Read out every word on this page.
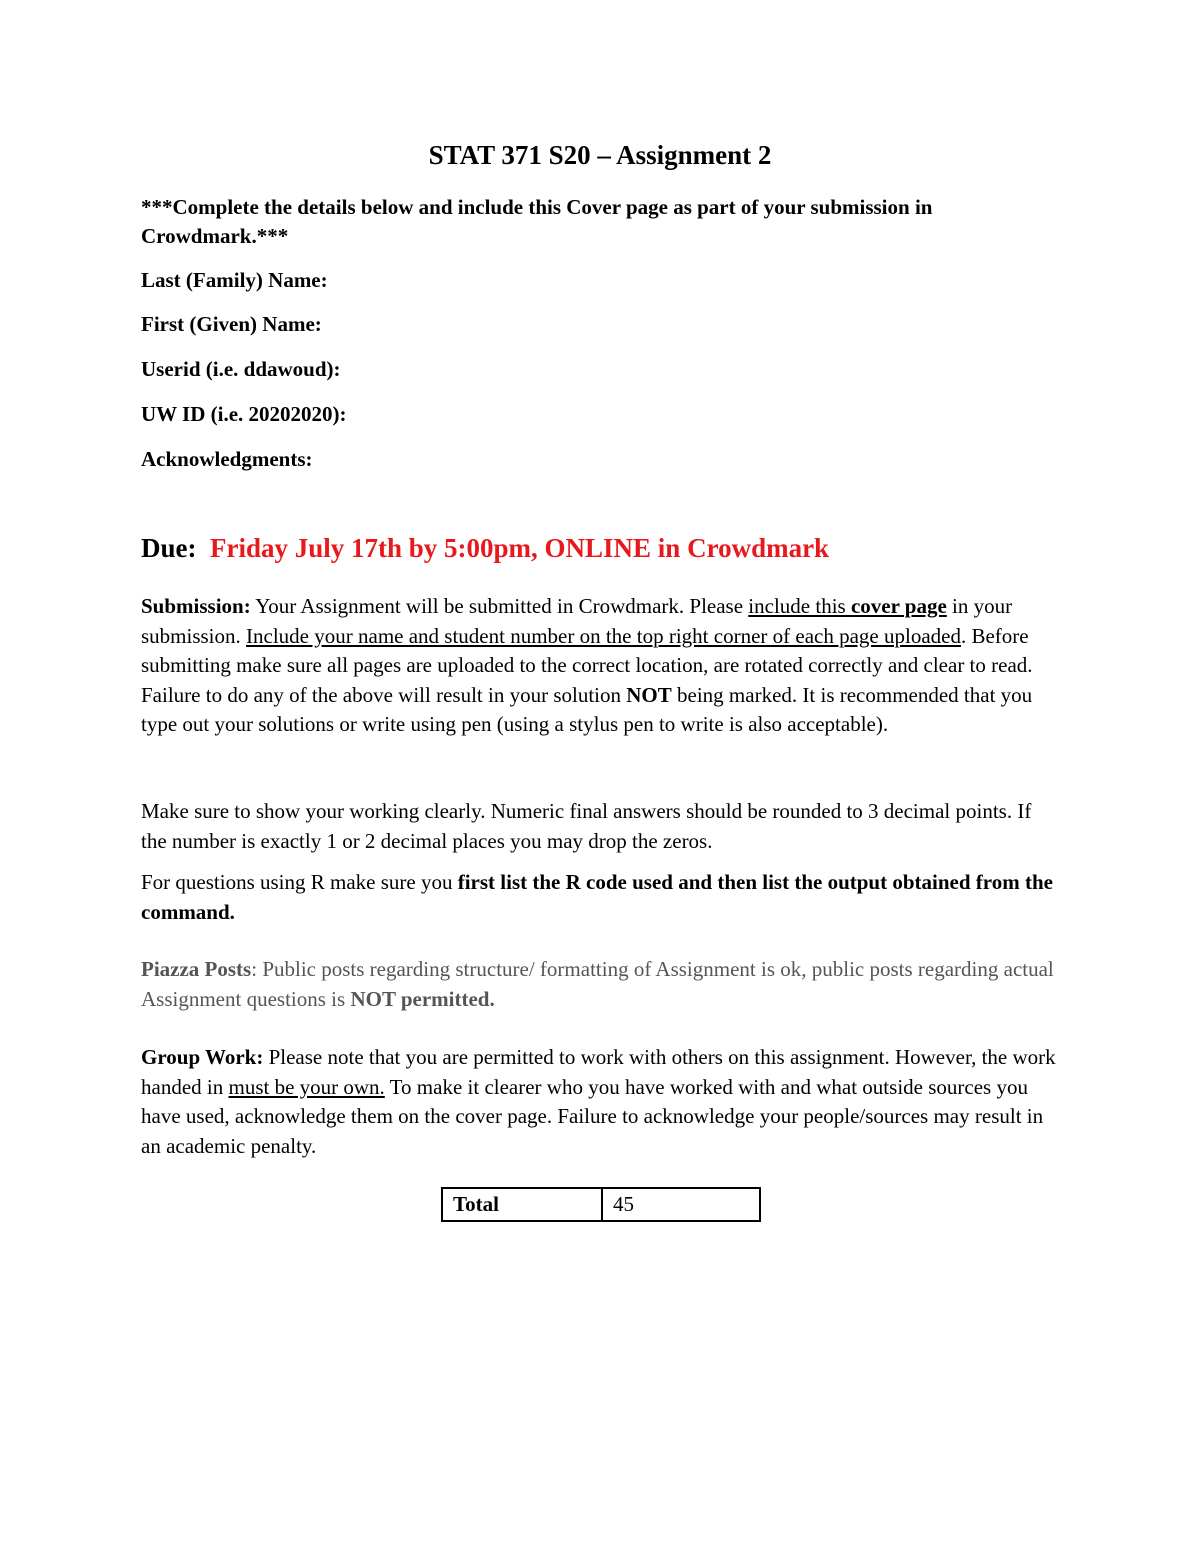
STAT 371 S20 – Assignment 2
***Complete the details below and include this Cover page as part of your submission in Crowdmark.***
Last (Family) Name:
First (Given) Name:
Userid (i.e. ddawoud):
UW ID (i.e. 20202020):
Acknowledgments:
Due: Friday July 17th by 5:00pm, ONLINE in Crowdmark
Submission: Your Assignment will be submitted in Crowdmark. Please include this cover page in your submission. Include your name and student number on the top right corner of each page uploaded. Before submitting make sure all pages are uploaded to the correct location, are rotated correctly and clear to read. Failure to do any of the above will result in your solution NOT being marked. It is recommended that you type out your solutions or write using pen (using a stylus pen to write is also acceptable).
Make sure to show your working clearly. Numeric final answers should be rounded to 3 decimal points. If the number is exactly 1 or 2 decimal places you may drop the zeros.
For questions using R make sure you first list the R code used and then list the output obtained from the command.
Piazza Posts: Public posts regarding structure/ formatting of Assignment is ok, public posts regarding actual Assignment questions is NOT permitted.
Group Work: Please note that you are permitted to work with others on this assignment. However, the work handed in must be your own. To make it clearer who you have worked with and what outside sources you have used, acknowledge them on the cover page. Failure to acknowledge your people/sources may result in an academic penalty.
Total	45
